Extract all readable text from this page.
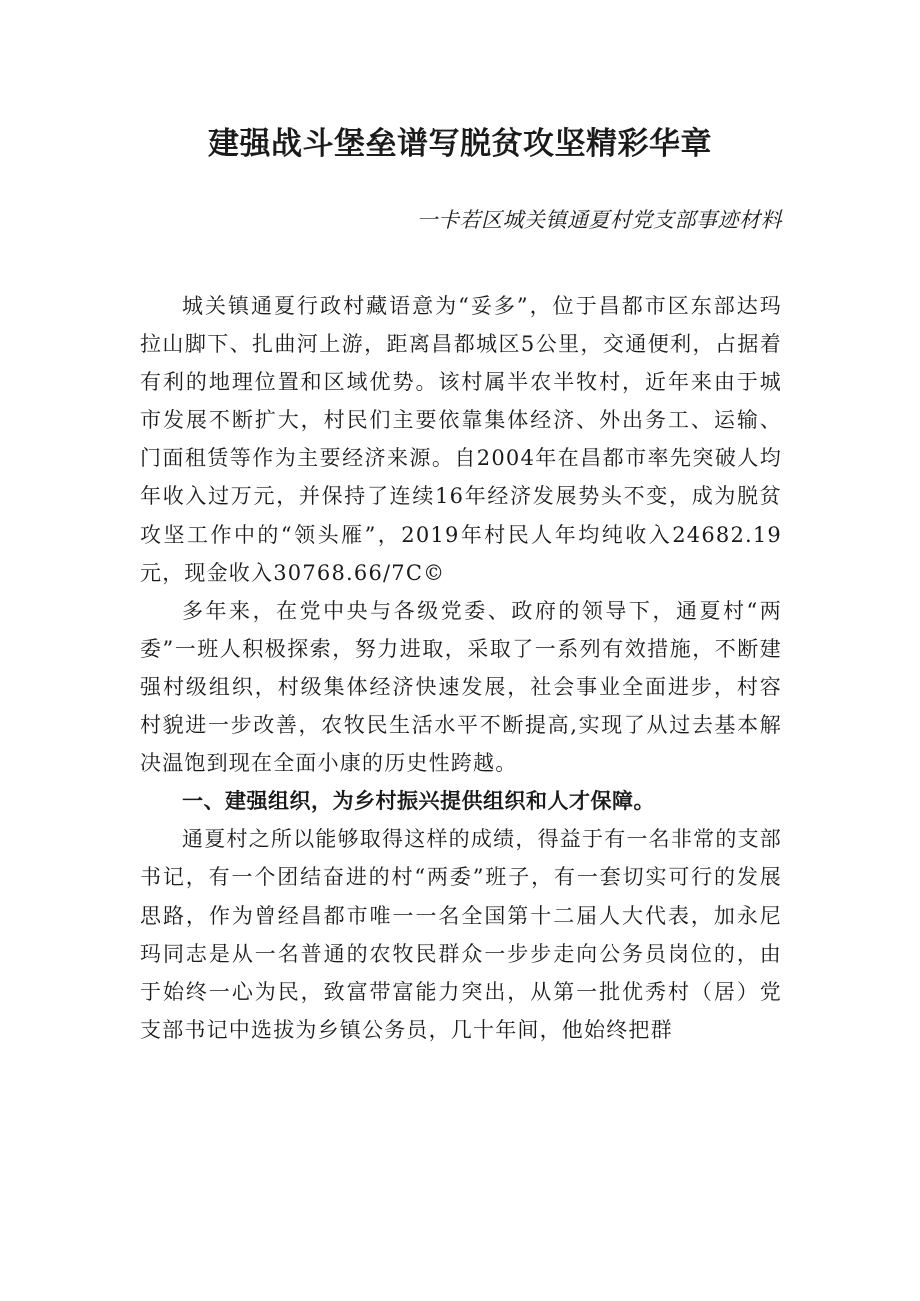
建强战斗堡垒谱写脱贫攻坚精彩华章
一卡若区城关镇通夏村党支部事迹材料

城关镇通夏行政村藏语意为“妥多”，位于昌都市区东部达玛拉山脚下、扎曲河上游，距离昌都城区5公里，交通便利，占据着有利的地理位置和区域优势。该村属半农半牧村，近年来由于城市发展不断扩大，村民们主要依靠集体经济、外出务工、运输、门面租赁等作为主要经济来源。自2004年在昌都市率先突破人均年收入过万元，并保持了连续16年经济发展势头不变，成为脱贫攻坚工作中的“领头雁”，2019年村民人年均纯收入24682.19元，现金收入30768.66/7C©

多年来，在党中央与各级党委、政府的领导下，通夏村“两委”一班人积极探索，努力进取，采取了一系列有效措施，不断建强村级组织，村级集体经济快速发展，社会事业全面进步，村容村貌进一步改善，农牧民生活水平不断提高,实现了从过去基本解决温饱到现在全面小康的历史性跨越。

一、建强组织，为乡村振兴提供组织和人才保障。

通夏村之所以能够取得这样的成绩，得益于有一名非常的支部书记，有一个团结奋进的村“两委”班子，有一套切实可行的发展思路，作为曾经昌都市唯一一名全国第十二届人大代表，加永尼玛同志是从一名普通的农牧民群众一步步走向公务员岗位的，由于始终一心为民，致富带富能力突出，从第一批优秀村（居）党支部书记中选拔为乡镇公务员，几十年间，他始终把群
